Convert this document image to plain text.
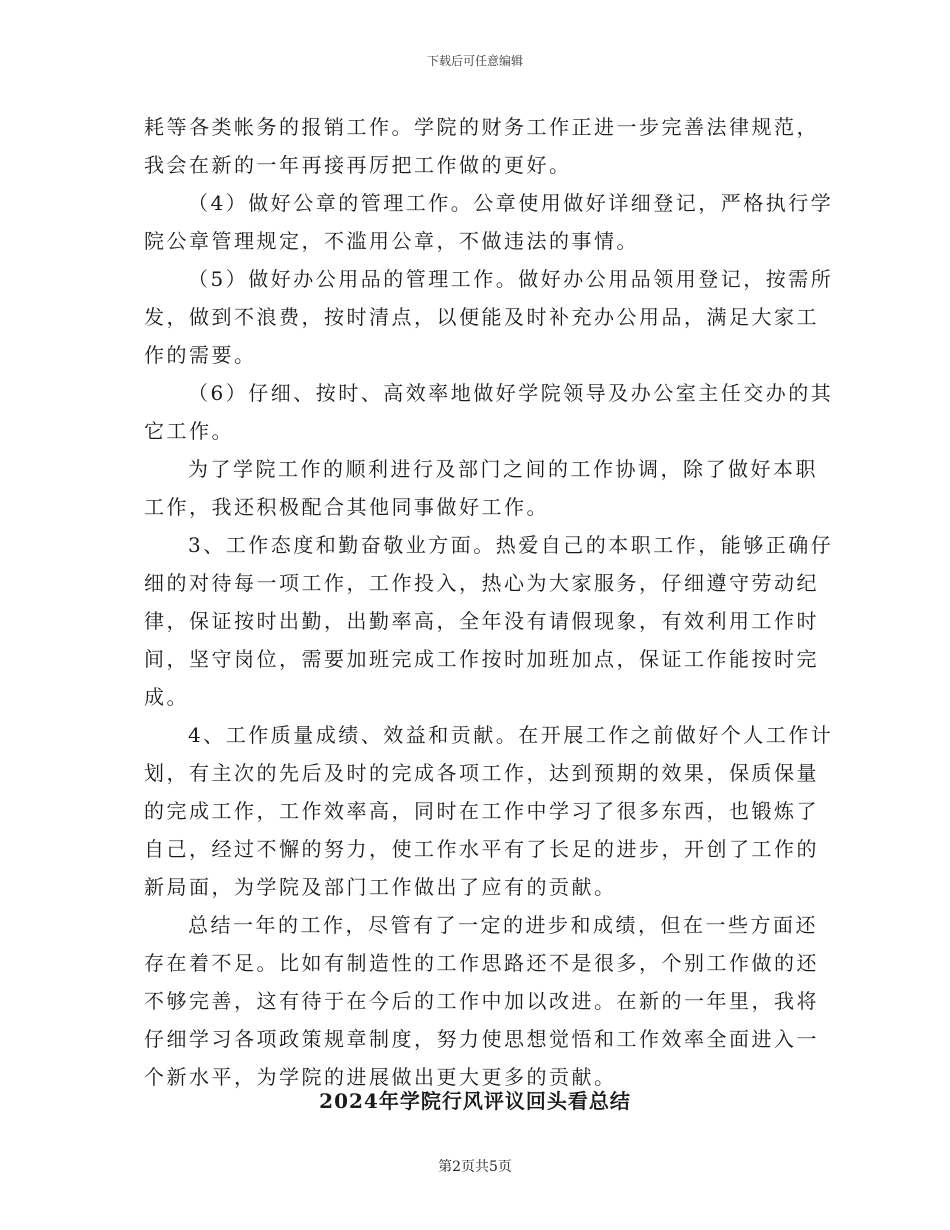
下载后可任意编辑
耗等各类帐务的报销工作。学院的财务工作正进一步完善法律规范，
我会在新的一年再接再厉把工作做的更好。
（4）做好公章的管理工作。公章使用做好详细登记，严格执行学
院公章管理规定，不滥用公章，不做违法的事情。
（5）做好办公用品的管理工作。做好办公用品领用登记，按需所
发，做到不浪费，按时清点，以便能及时补充办公用品，满足大家工
作的需要。
（6）仔细、按时、高效率地做好学院领导及办公室主任交办的其
它工作。
为了学院工作的顺利进行及部门之间的工作协调，除了做好本职
工作，我还积极配合其他同事做好工作。
3、工作态度和勤奋敬业方面。热爱自己的本职工作，能够正确仔
细的对待每一项工作，工作投入，热心为大家服务，仔细遵守劳动纪
律，保证按时出勤，出勤率高，全年没有请假现象，有效利用工作时
间，坚守岗位，需要加班完成工作按时加班加点，保证工作能按时完
成。
4、工作质量成绩、效益和贡献。在开展工作之前做好个人工作计
划，有主次的先后及时的完成各项工作，达到预期的效果，保质保量
的完成工作，工作效率高，同时在工作中学习了很多东西，也锻炼了
自己，经过不懈的努力，使工作水平有了长足的进步，开创了工作的
新局面，为学院及部门工作做出了应有的贡献。
总结一年的工作，尽管有了一定的进步和成绩，但在一些方面还
存在着不足。比如有制造性的工作思路还不是很多，个别工作做的还
不够完善，这有待于在今后的工作中加以改进。在新的一年里，我将
仔细学习各项政策规章制度，努力使思想觉悟和工作效率全面进入一
个新水平，为学院的进展做出更大更多的贡献。
2024年学院行风评议回头看总结
第2页共5页
